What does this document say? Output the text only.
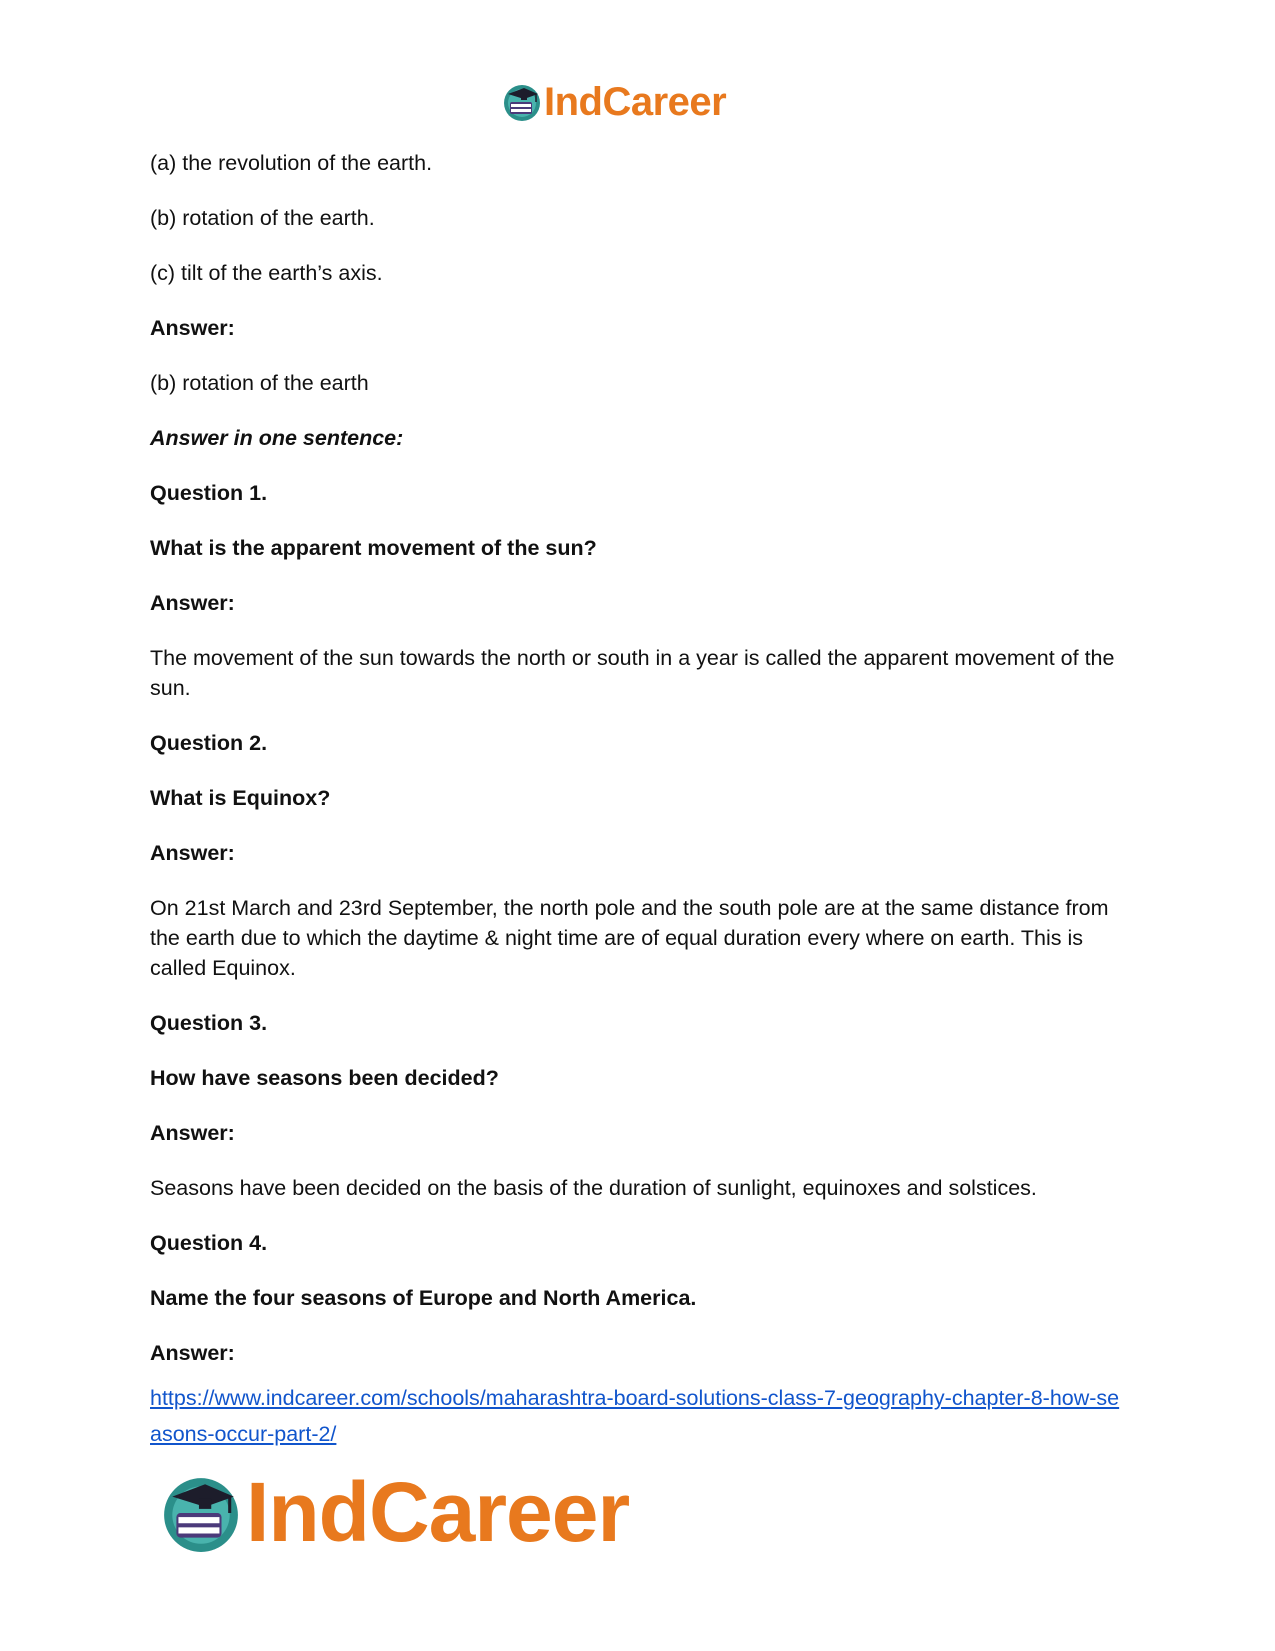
IndCareer

(a) the revolution of the earth.

(b) rotation of the earth.

(c) tilt of the earth’s axis.

Answer:

(b) rotation of the earth

Answer in one sentence:

Question 1.

What is the apparent movement of the sun?

Answer:

The movement of the sun towards the north or south in a year is called the apparent movement of the sun.

Question 2.

What is Equinox?

Answer:

On 21st March and 23rd September, the north pole and the south pole are at the same distance from the earth due to which the daytime & night time are of equal duration every where on earth. This is called Equinox.

Question 3.

How have seasons been decided?

Answer:

Seasons have been decided on the basis of the duration of sunlight, equinoxes and solstices.

Question 4.

Name the four seasons of Europe and North America.

Answer:

https://www.indcareer.com/schools/maharashtra-board-solutions-class-7-geography-chapter-8-how-seasons-occur-part-2/

IndCareer
